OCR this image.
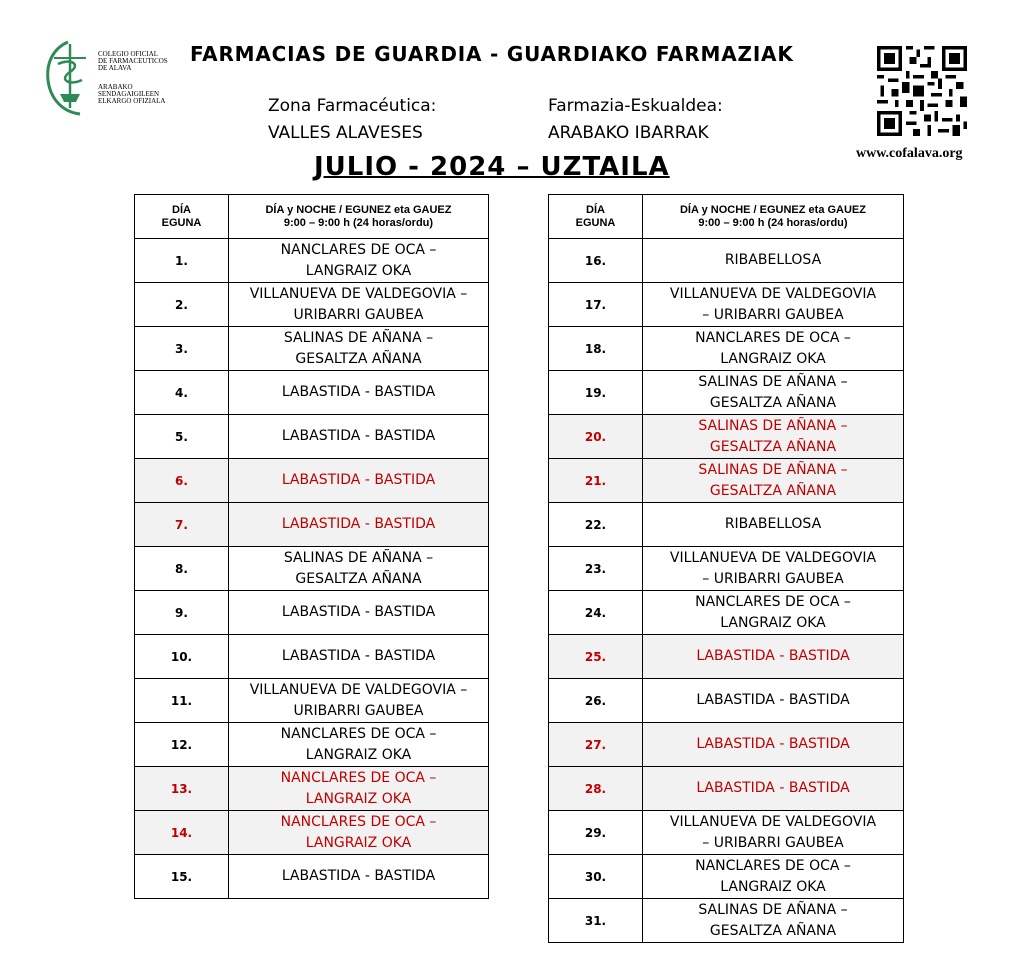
COLEGIO OFICIAL
DE FARMACEUTICOS
DE ALAVA
ARABAKO
SENDAGAIGILEEN
ELKARGO OFIZIALA
FARMACIAS DE GUARDIA - GUARDIAKO FARMAZIAK
Zona Farmacéutica:	Farmazia-Eskualdea:
VALLES ALAVESES	ARABAKO IBARRAK
JULIO - 2024 – UZTAILA	www.cofalava.org
DÍA
EGUNA	DÍA y NOCHE / EGUNEZ eta GAUEZ
9:00 – 9:00 h (24 horas/ordu)
1.	NANCLARES DE OCA –
LANGRAIZ OKA
2.	VILLANUEVA DE VALDEGOVIA –
URIBARRI GAUBEA
3.	SALINAS DE AÑANA –
GESALTZA AÑANA
4.	LABASTIDA - BASTIDA
5.	LABASTIDA - BASTIDA
6.	LABASTIDA - BASTIDA
7.	LABASTIDA - BASTIDA
8.	SALINAS DE AÑANA –
GESALTZA AÑANA
9.	LABASTIDA - BASTIDA
10.	LABASTIDA - BASTIDA
11.	VILLANUEVA DE VALDEGOVIA –
URIBARRI GAUBEA
12.	NANCLARES DE OCA –
LANGRAIZ OKA
13.	NANCLARES DE OCA –
LANGRAIZ OKA
14.	NANCLARES DE OCA –
LANGRAIZ OKA
15.	LABASTIDA - BASTIDA
DÍA
EGUNA	DÍA y NOCHE / EGUNEZ eta GAUEZ
9:00 – 9:00 h (24 horas/ordu)
16.	RIBABELLOSA
17.	VILLANUEVA DE VALDEGOVIA
– URIBARRI GAUBEA
18.	NANCLARES DE OCA –
LANGRAIZ OKA
19.	SALINAS DE AÑANA –
GESALTZA AÑANA
20.	SALINAS DE AÑANA –
GESALTZA AÑANA
21.	SALINAS DE AÑANA –
GESALTZA AÑANA
22.	RIBABELLOSA
23.	VILLANUEVA DE VALDEGOVIA
– URIBARRI GAUBEA
24.	NANCLARES DE OCA –
LANGRAIZ OKA
25.	LABASTIDA - BASTIDA
26.	LABASTIDA - BASTIDA
27.	LABASTIDA - BASTIDA
28.	LABASTIDA - BASTIDA
29.	VILLANUEVA DE VALDEGOVIA
– URIBARRI GAUBEA
30.	NANCLARES DE OCA –
LANGRAIZ OKA
31.	SALINAS DE AÑANA –
GESALTZA AÑANA
